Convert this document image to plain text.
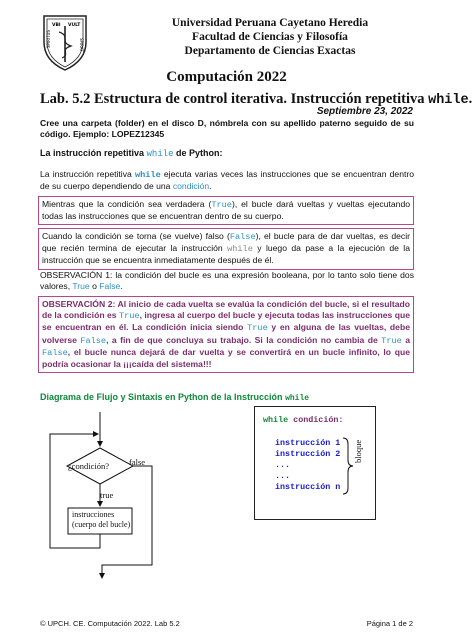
VBI VULT
SPIRITUS	SPIRAT
Universidad Peruana Cayetano Heredia
Facultad de Ciencias y Filosofía
Departamento de Ciencias Exactas
Computación 2022
Lab. 5.2 Estructura de control iterativa. Instrucción repetitiva while.
Septiembre 23, 2022
Cree una carpeta (folder) en el disco D, nómbrela con su apellido paterno seguido de su código. Ejemplo: LOPEZ12345
La instrucción repetitiva while de Python:
La instrucción repetitiva while ejecuta varias veces las instrucciones que se encuentran dentro de su cuerpo dependiendo de una condición.
Mientras que la condición sea verdadera (True), el bucle dará vueltas y vueltas ejecutando todas las instrucciones que se encuentran dentro de su cuerpo.
Cuando la condición se torna (se vuelve) falso (False), el bucle para de dar vueltas, es decir que recién termina de ejecutar la instrucción while y luego da pase a la ejecución de la instrucción que se encuentra inmediatamente después de él.
OBSERVACIÓN 1: la condición del bucle es una expresión booleana, por lo tanto solo tiene dos valores, True o False.
OBSERVACIÓN 2: Al inicio de cada vuelta se evalúa la condición del bucle, si el resultado de la condición es True, ingresa al cuerpo del bucle y ejecuta todas las instrucciones que se encuentran en él. La condición inicia siendo True y en alguna de las vueltas, debe volverse False, a fin de que concluya su trabajo. Si la condición no cambia de True a False, el bucle nunca dejará de dar vuelta y se convertirá en un bucle infinito, lo que podría ocasionar la ¡¡¡caída del sistema!!!
Diagrama de Flujo y Sintaxis en Python de la Instrucción while
¿condición? false
true
instrucciones
(cuerpo del bucle)
while condición:
instrucción 1
instrucción 2
...
...
instrucción n
bloque
© UPCH. CE. Computación 2022. Lab 5.2	Página 1 de 2
